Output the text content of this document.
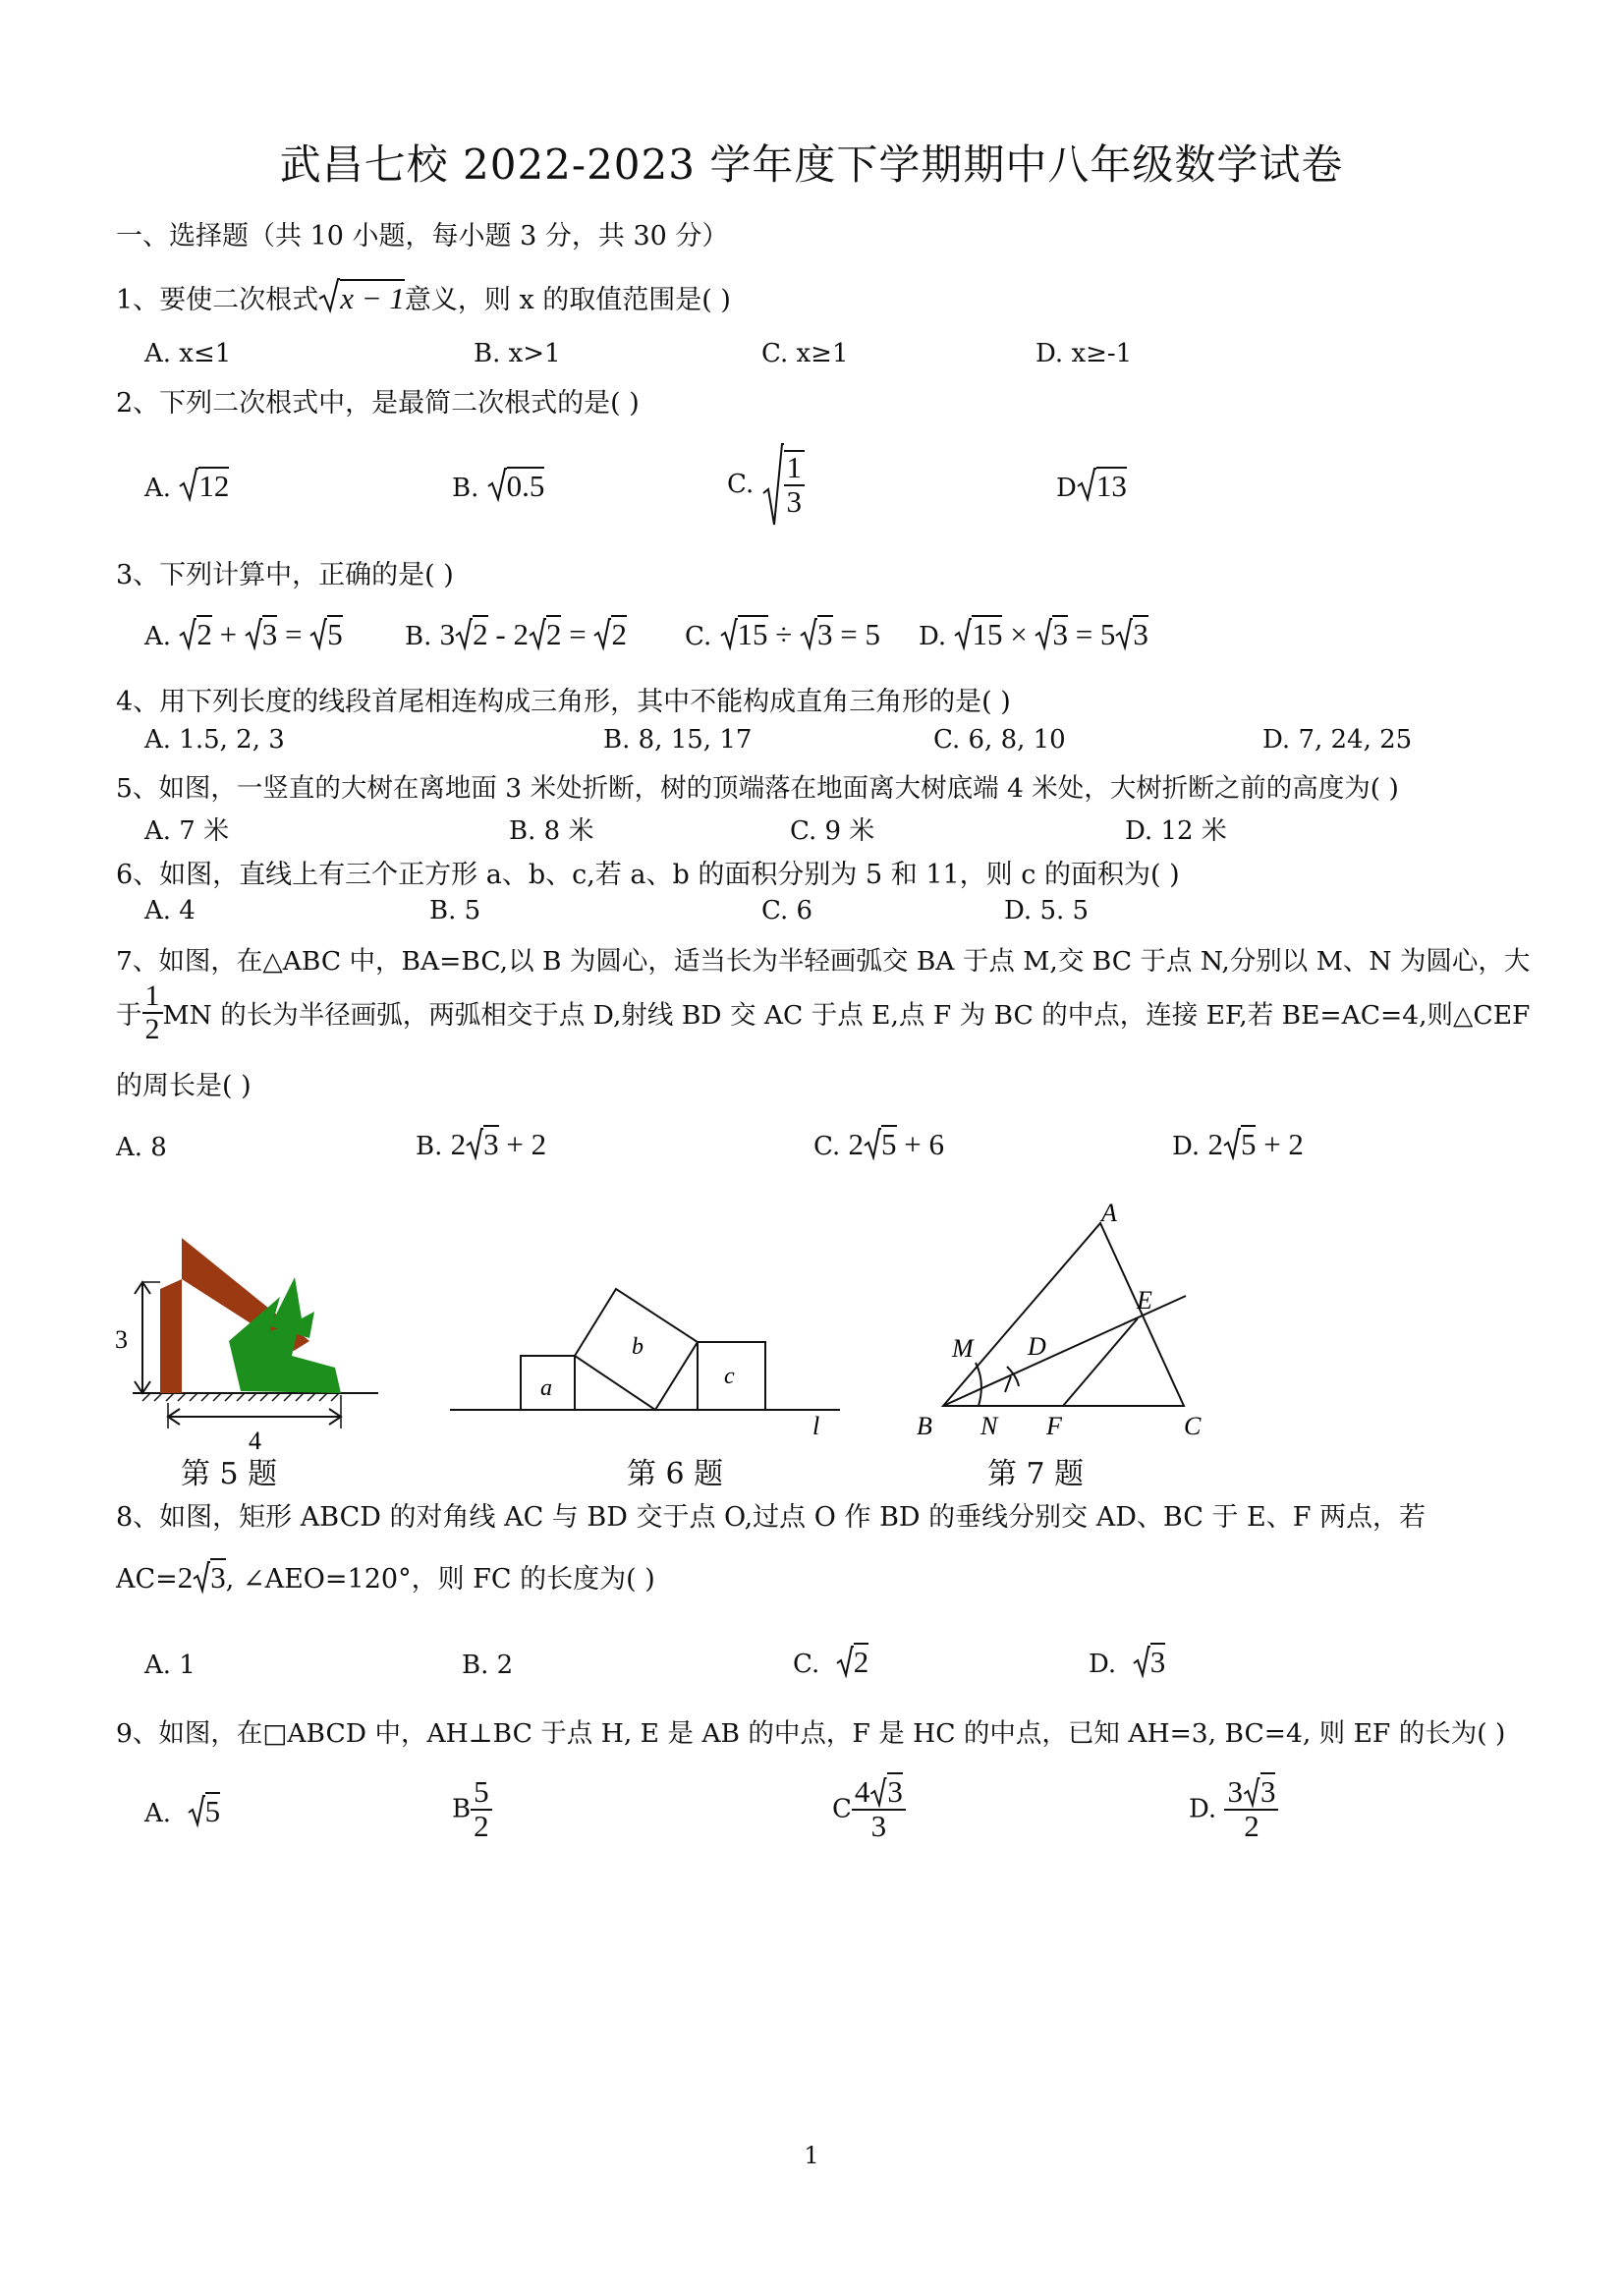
武昌七校 2022-2023 学年度下学期期中八年级数学试卷
一、选择题（共 10 小题，每小题 3 分，共 30 分）
1、要使二次根式 x − 1意义，则 x 的取值范围是( )
A. x≤1	B. x>1	C. x≥1	D. x≥-1
2、下列二次根式中，是最简二次根式的是( )
A. 12	B. 0.5	C. $\frac{1}{3}$	D 13
3、下列计算中，正确的是( )
A. 2 + 3 = 5 B. 3 2 - 2 2 = 2 C. 15 ÷ 3 = 5 D. 15 × 3 = 5 3
4、用下列长度的线段首尾相连构成三角形，其中不能构成直角三角形的是( )
A. 1.5, 2, 3	B. 8, 15, 17	C. 6, 8, 10	D. 7, 24, 25
5、如图，一竖直的大树在离地面 3 米处折断，树的顶端落在地面离大树底端 4 米处，大树折断之前的高度为( )
A. 7 米	B. 8 米	C. 9 米	D. 12 米
6、如图，直线上有三个正方形 a、b、c,若 a、b 的面积分别为 5 和 11，则 c 的面积为( )
A. 4	B. 5	C. 6	D. 5. 5
7、如图，在△ABC 中，BA=BC,以 B 为圆心，适当长为半轻画弧交 BA 于点 M,交 BC 于点 N,分别以 M、N 为圆心，大
于 $\frac{1}{2}$ MN 的长为半径画弧，两弧相交于点 D,射线 BD 交 AC 于点 E,点 F 为 BC 的中点，连接 EF,若 BE=AC=4,则△CEF
的周长是( )
A. 8	B. 2 3 + 2	C. 2 5 + 6	D. 2 5 + 2
3
4
第 5 题
a
b
c
l
第 6 题
A
B	C
D
E
F
M
N
第 7 题
8、如图，矩形 ABCD 的对角线 AC 与 BD 交于点 O,过点 O 作 BD 的垂线分别交 AD、BC 于 E、F 两点，若
AC=2 3, ∠AEO=120°，则 FC 的长度为( )
A. 1	B. 2	C. 2	D. 3
9、如图，在□ABCD 中，AH⊥BC 于点 H, E 是 AB 的中点，F 是 HC 的中点，已知 AH=3, BC=4, 则 EF 的长为( )
A. 5	B $\frac{5}{2}$	C $\frac{4 3}{3}$	D. $\frac{3 3}{2}$
1
